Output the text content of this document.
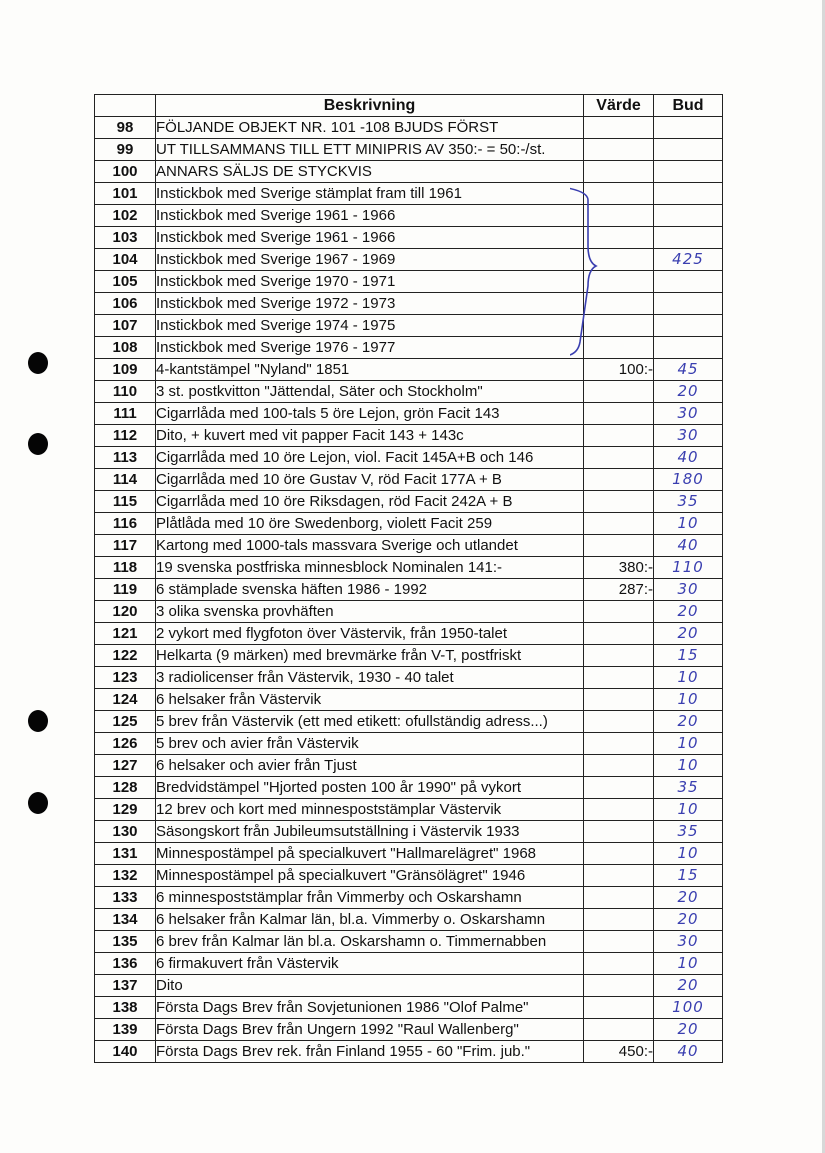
	Beskrivning	Värde	Bud
98	FÖLJANDE OBJEKT NR. 101 -108 BJUDS FÖRST		
99	UT TILLSAMMANS TILL ETT MINIPRIS AV 350:- = 50:-/st.		
100	ANNARS SÄLJS DE STYCKVIS		
101	Instickbok med Sverige stämplat fram till 1961		
102	Instickbok med Sverige 1961 - 1966		
103	Instickbok med Sverige 1961 - 1966		
104	Instickbok med Sverige 1967 - 1969		425
105	Instickbok med Sverige 1970 - 1971		
106	Instickbok med Sverige 1972 - 1973		
107	Instickbok med Sverige 1974 - 1975		
108	Instickbok med Sverige 1976 - 1977		
109	4-kantstämpel "Nyland" 1851	100:-	45
110	3 st. postkvitton "Jättendal, Säter och Stockholm"		20
111	Cigarrlåda med 100-tals 5 öre Lejon, grön Facit 143		30
112	Dito, + kuvert med vit papper Facit 143 + 143c		30
113	Cigarrlåda med 10 öre Lejon, viol. Facit 145A+B och 146		40
114	Cigarrlåda med 10 öre Gustav V, röd Facit 177A + B		180
115	Cigarrlåda med 10 öre Riksdagen, röd Facit 242A + B		35
116	Plåtlåda med 10 öre Swedenborg, violett Facit 259		10
117	Kartong med 1000-tals massvara Sverige och utlandet		40
118	19 svenska postfriska minnesblock Nominalen 141:-	380:-	110
119	6 stämplade svenska häften 1986 - 1992	287:-	30
120	3 olika svenska provhäften		20
121	2 vykort med flygfoton över Västervik, från 1950-talet		20
122	Helkarta (9 märken) med brevmärke från V-T, postfriskt		15
123	3 radiolicenser från Västervik, 1930 - 40 talet		10
124	6 helsaker från Västervik		10
125	5 brev från Västervik (ett med etikett: ofullständig adress...)		20
126	5 brev och avier från Västervik		10
127	6 helsaker och avier från Tjust		10
128	Bredvidstämpel "Hjorted posten 100 år 1990" på vykort		35
129	12 brev och kort med minnespoststämplar Västervik		10
130	Säsongskort från Jubileumsutställning i Västervik 1933		35
131	Minnespostämpel på specialkuvert "Hallmarelägret" 1968		10
132	Minnespostämpel på specialkuvert "Gränsölägret" 1946		15
133	6 minnespoststämplar från Vimmerby och Oskarshamn		20
134	6 helsaker från Kalmar län, bl.a. Vimmerby o. Oskarshamn		20
135	6 brev från Kalmar län bl.a. Oskarshamn o. Timmernabben		30
136	6 firmakuvert från Västervik		10
137	Dito		20
138	Första Dags Brev från Sovjetunionen 1986 "Olof Palme"		100
139	Första Dags Brev från Ungern 1992 "Raul Wallenberg"		20
140	Första Dags Brev rek. från Finland 1955 - 60 "Frim. jub."	450:-	40
